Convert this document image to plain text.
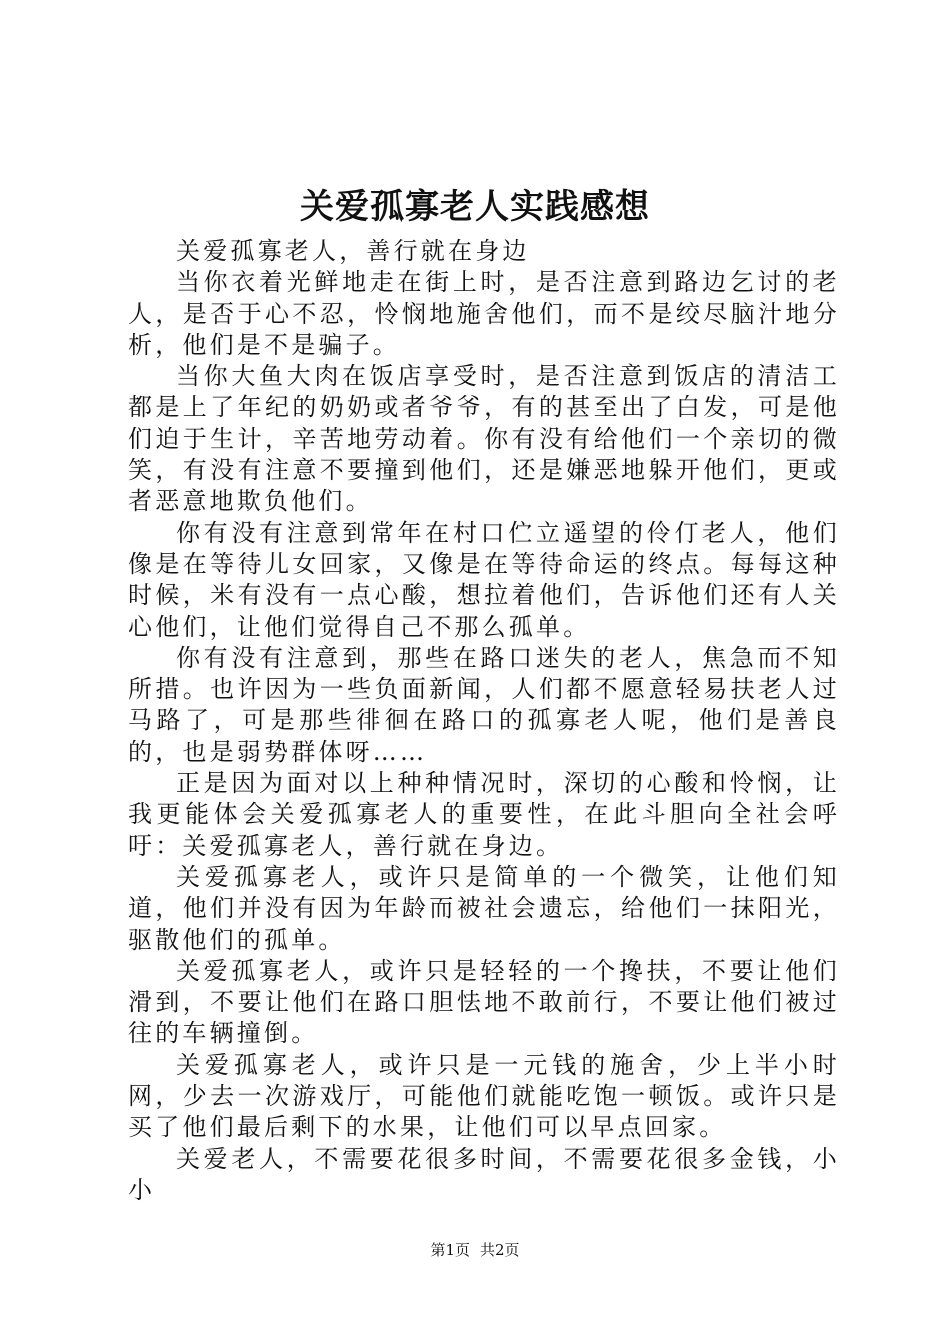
关爱孤寡老人实践感想

关爱孤寡老人，善行就在身边

当你衣着光鲜地走在街上时，是否注意到路边乞讨的老人，是否于心不忍，怜悯地施舍他们，而不是绞尽脑汁地分析，他们是不是骗子。

当你大鱼大肉在饭店享受时，是否注意到饭店的清洁工都是上了年纪的奶奶或者爷爷，有的甚至出了白发，可是他们迫于生计，辛苦地劳动着。你有没有给他们一个亲切的微笑，有没有注意不要撞到他们，还是嫌恶地躲开他们，更或者恶意地欺负他们。

你有没有注意到常年在村口伫立遥望的伶仃老人，他们像是在等待儿女回家，又像是在等待命运的终点。每每这种时候，米有没有一点心酸，想拉着他们，告诉他们还有人关心他们，让他们觉得自己不那么孤单。

你有没有注意到，那些在路口迷失的老人，焦急而不知所措。也许因为一些负面新闻，人们都不愿意轻易扶老人过马路了，可是那些徘徊在路口的孤寡老人呢，他们是善良的，也是弱势群体呀……

正是因为面对以上种种情况时，深切的心酸和怜悯，让我更能体会关爱孤寡老人的重要性，在此斗胆向全社会呼吁：关爱孤寡老人，善行就在身边。

关爱孤寡老人，或许只是简单的一个微笑，让他们知道，他们并没有因为年龄而被社会遗忘，给他们一抹阳光，驱散他们的孤单。

关爱孤寡老人，或许只是轻轻的一个搀扶，不要让他们滑到，不要让他们在路口胆怯地不敢前行，不要让他们被过往的车辆撞倒。

关爱孤寡老人，或许只是一元钱的施舍，少上半小时网，少去一次游戏厅，可能他们就能吃饱一顿饭。或许只是买了他们最后剩下的水果，让他们可以早点回家。

关爱老人，不需要花很多时间，不需要花很多金钱，小小

第1页 共2页
